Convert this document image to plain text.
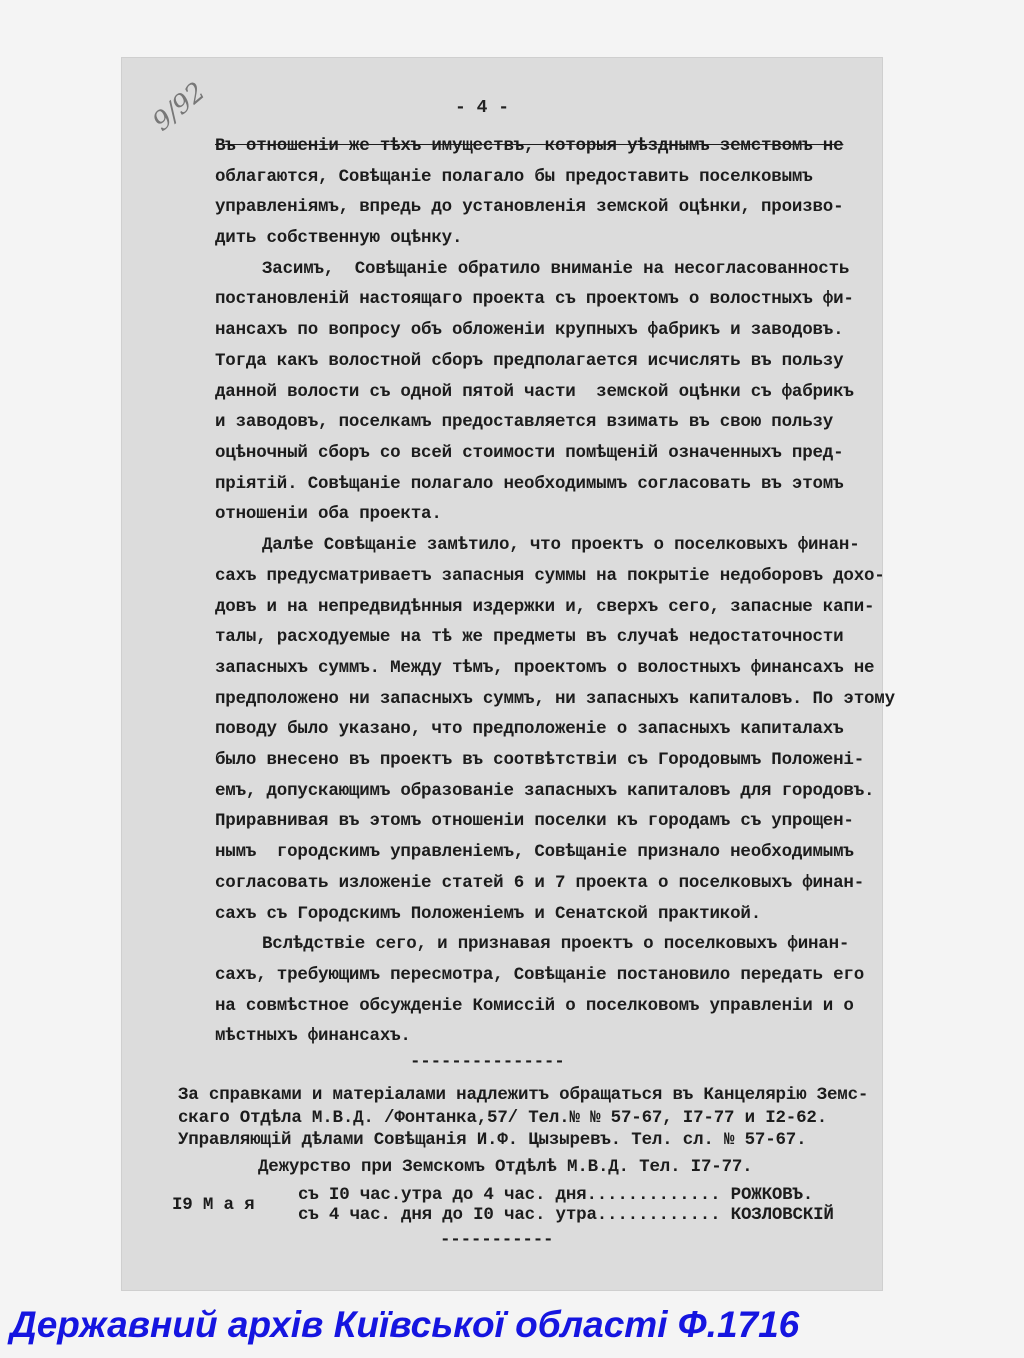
9/92	- 4 -
Въ отношеніи же тѣхъ имуществъ, которыя уѣзднымъ земствомъ не
облагаются, Совѣщаніе полагало бы предоставить поселковымъ
управленіямъ, впредь до установленія земской оцѣнки, произво-
дить собственную оцѣнку.
Засимъ,  Совѣщаніе обратило вниманіе на несогласованность
постановленій настоящаго проекта съ проектомъ о волостныхъ фи-
нансахъ по вопросу объ обложеніи крупныхъ фабрикъ и заводовъ.
Тогда какъ волостной сборъ предполагается исчислять въ пользу
данной волости съ одной пятой части  земской оцѣнки съ фабрикъ
и заводовъ, поселкамъ предоставляется взимать въ свою пользу
оцѣночный сборъ со всей стоимости помѣщеній означенныхъ пред-
пріятій. Совѣщаніе полагало необходимымъ согласовать въ этомъ
отношеніи оба проекта.
Далѣе Совѣщаніе замѣтило, что проектъ о поселковыхъ финан-
сахъ предусматриваетъ запасныя суммы на покрытіе недоборовъ дохо-
довъ и на непредвидѣнныя издержки и, сверхъ сего, запасные капи-
талы, расходуемые на тѣ же предметы въ случаѣ недостаточности
запасныхъ суммъ. Между тѣмъ, проектомъ о волостныхъ финансахъ не
предположено ни запасныхъ суммъ, ни запасныхъ капиталовъ. По этому
поводу было указано, что предположеніе о запасныхъ капиталахъ
было внесено въ проектъ въ соотвѣтствіи съ Городовымъ Положені-
емъ, допускающимъ образованіе запасныхъ капиталовъ для городовъ.
Приравнивая въ этомъ отношеніи поселки къ городамъ съ упрощен-
нымъ  городскимъ управленіемъ, Совѣщаніе признало необходимымъ
согласовать изложеніе статей 6 и 7 проекта о поселковыхъ финан-
сахъ съ Городскимъ Положеніемъ и Сенатской практикой.
Вслѣдствіе сего, и признавая проектъ о поселковыхъ финан-
сахъ, требующимъ пересмотра, Совѣщаніе постановило передать его
на совмѣстное обсужденіе Комиссій о поселковомъ управленіи и о
мѣстныхъ финансахъ.
---------------
За справками и матеріалами надлежитъ обращаться въ Канцелярію Земс-
скаго Отдѣла М.В.Д. /Фонтанка,57/ Тел.№ № 57-67, I7-77 и I2-62.
Управляющій дѣлами Совѣщанія И.Ф. Цызыревъ. Тел. сл. № 57-67.
Дежурство при Земскомъ Отдѣлѣ М.В.Д. Тел. I7-77.
I9 М а я съ I0 час.утра до 4 час. дня............. РОЖКОВЪ.
съ 4 час. дня до I0 час. утра............ КОЗЛОВСКІЙ
-----------
Державний архів Київської області Ф.1716
